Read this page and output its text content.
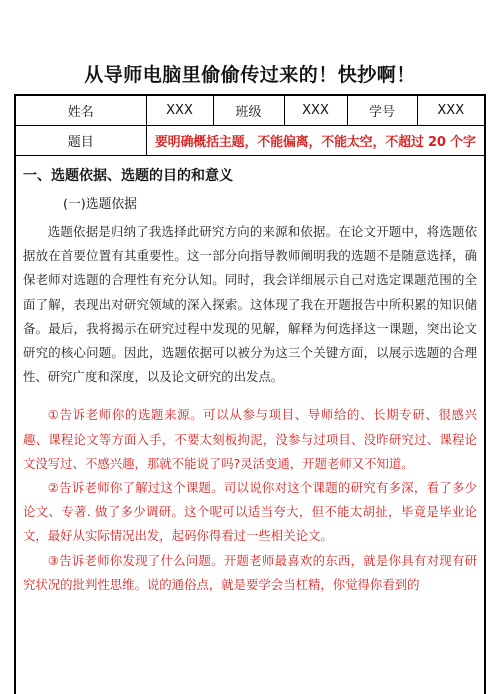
从导师电脑里偷偷传过来的！快抄啊！
姓名	XXX	班级	XXX	学号	XXX
题目	要明确概括主题，不能偏离，不能太空，不超过 20 个字				
一、选题依据、选题的目的和意义
(一)选题依据

选题依据是归纳了我选择此研究方向的来源和依据。在论文开题中，将选题依据放在首要位置有其重要性。这一部分向指导教师阐明我的选题不是随意选择，确保老师对选题的合理性有充分认知。同时，我会详细展示自己对选定课题范围的全面了解，表现出对研究领域的深入探索。这体现了我在开题报告中所积累的知识储备。最后，我将揭示在研究过程中发现的见解，解释为何选择这一课题，突出论文研究的核心问题。因此，选题依据可以被分为这三个关键方面，以展示选题的合理性、研究广度和深度，以及论文研究的出发点。

①告诉老师你的选题来源。可以从参与项目、导师给的、长期专研、很感兴趣、课程论文等方面入手，不要太刻板拘泥，没参与过项目、没昨研究过、课程论文没写过、不感兴趣，那就不能说了吗?灵活变通，开题老师又不知道。

②告诉老师你了解过这个课题。司以说你对这个课题的研究有多深，看了多少论文、专著. 做了多少调研。这个呢可以适当夸大，但不能太胡扯，毕竟是毕业论文，最好从实际情况出发，起码你得看过一些相关论文。

③告诉老师你发现了什么问题。开题老师最喜欢的东西，就是你具有对现有研究状况的批判性思维。说的通俗点，就是要学会当杠精，你觉得你看到的
